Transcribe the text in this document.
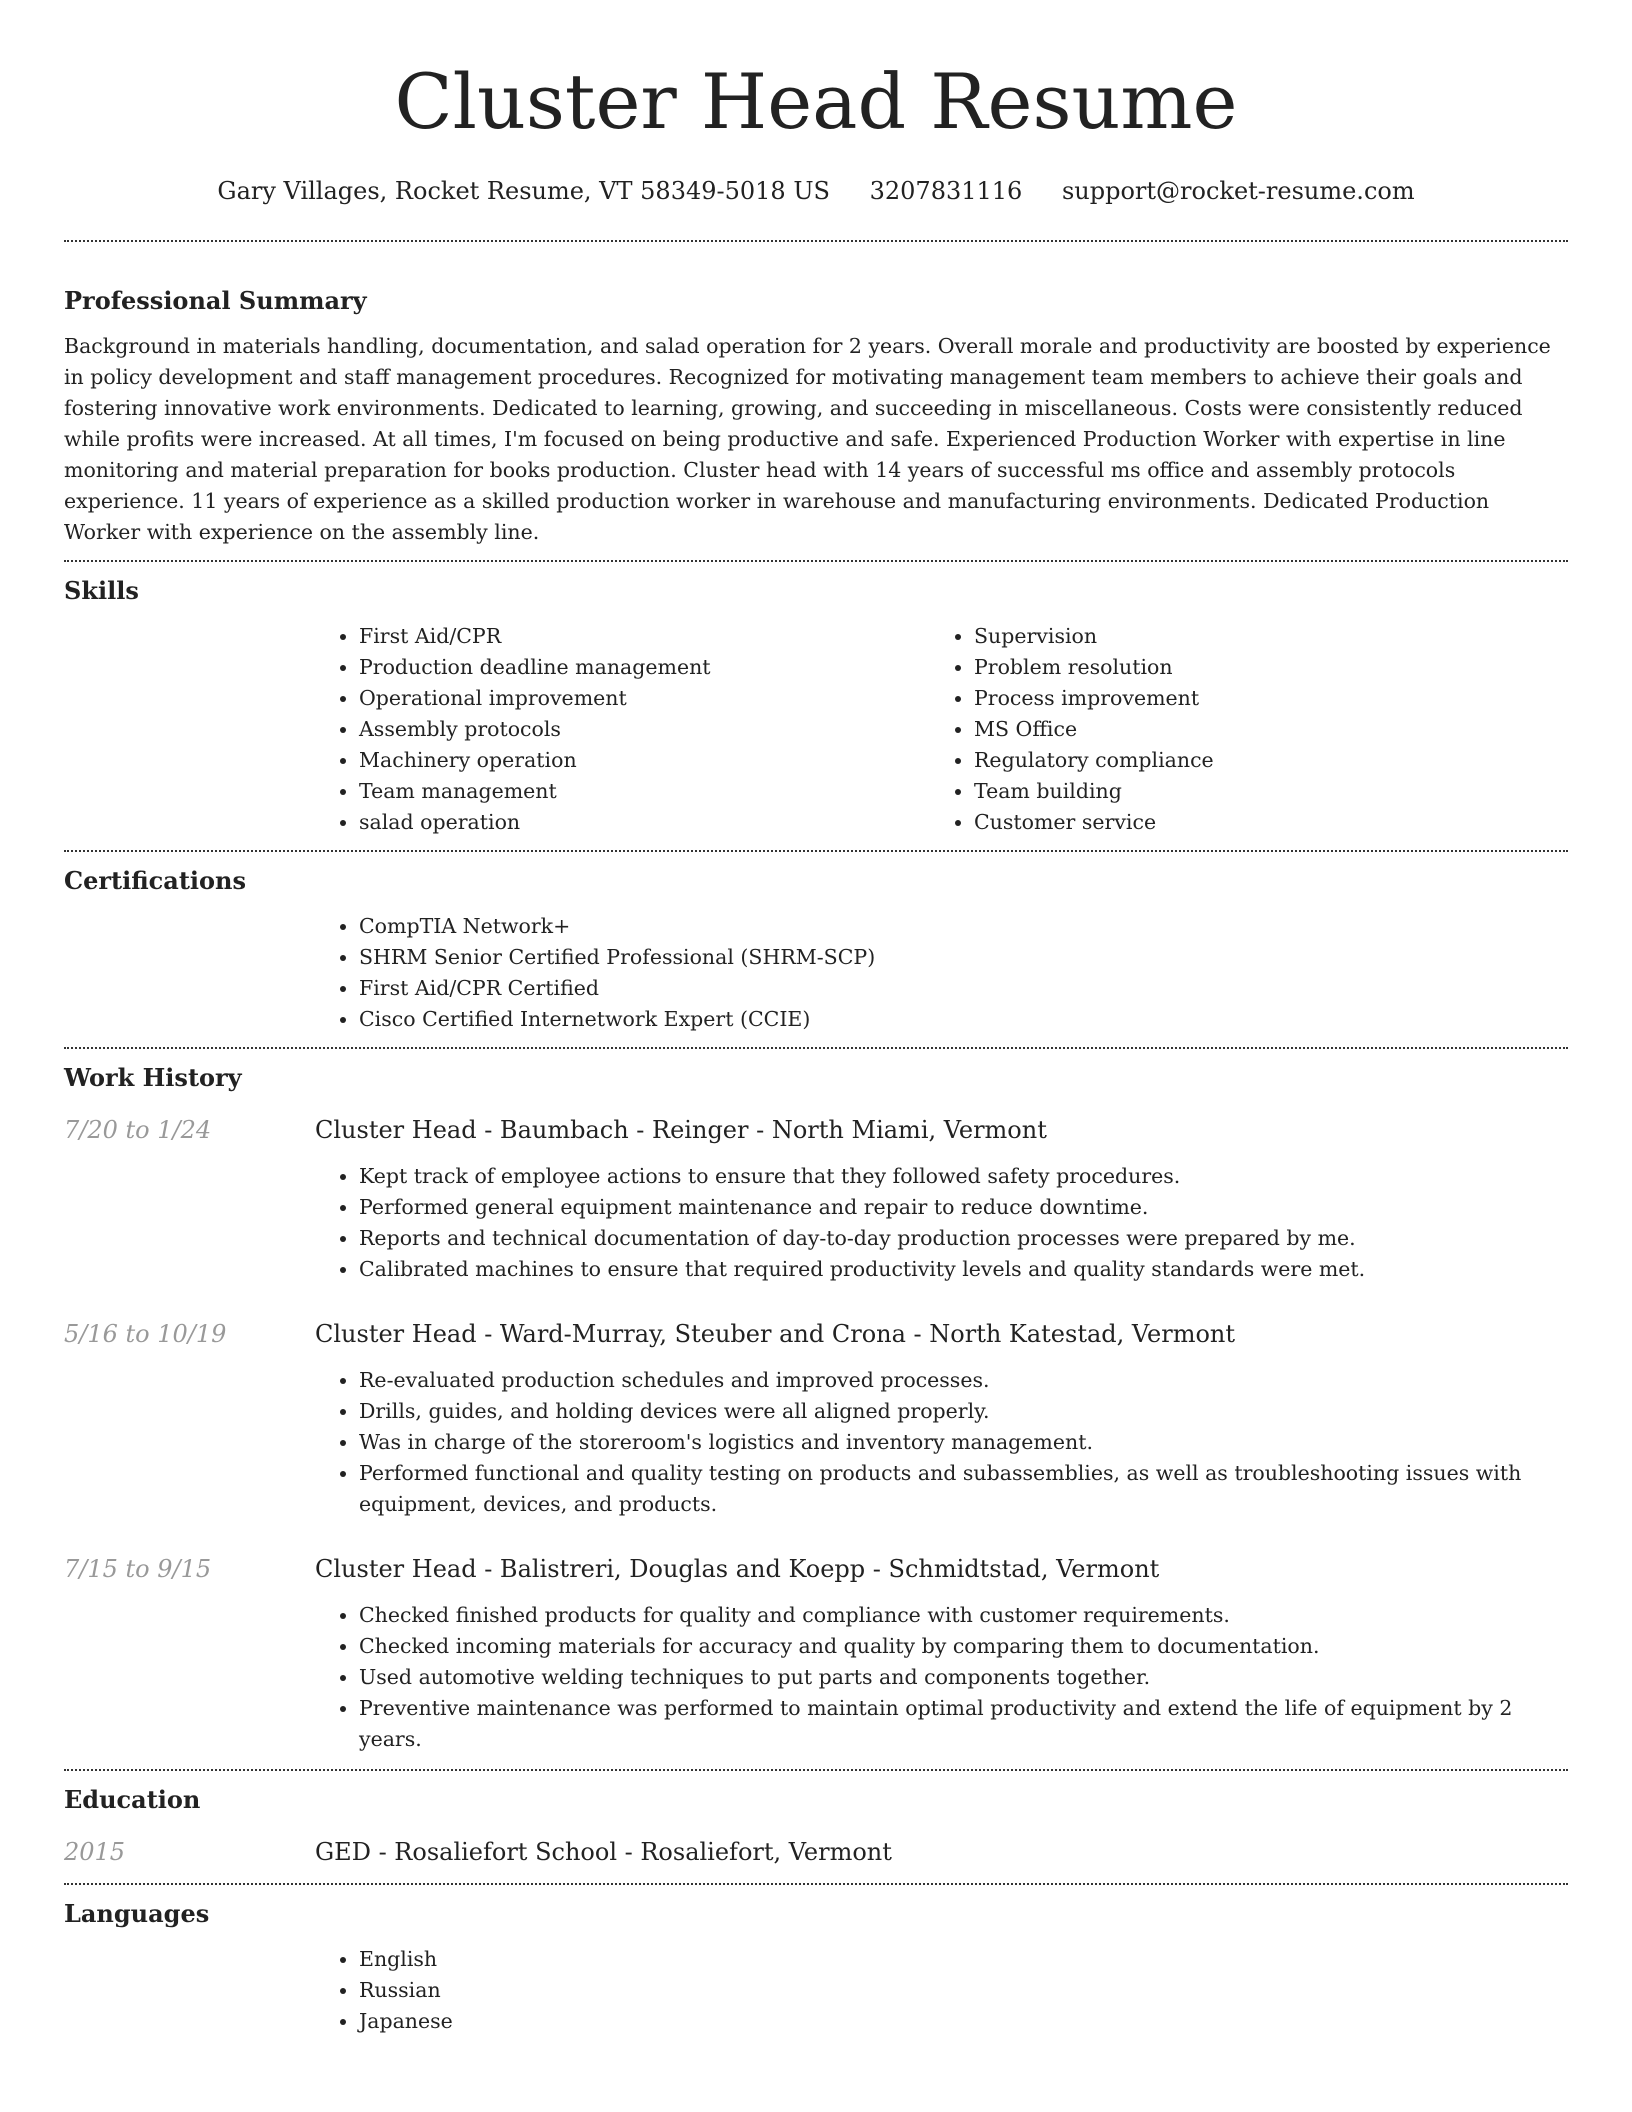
Cluster Head Resume
Gary Villages, Rocket Resume, VT 58349-5018 US 3207831116 support@rocket-resume.com
Professional Summary

Background in materials handling, documentation, and salad operation for 2 years. Overall morale and productivity are boosted by experience in policy development and staff management procedures. Recognized for motivating management team members to achieve their goals and fostering innovative work environments. Dedicated to learning, growing, and succeeding in miscellaneous. Costs were consistently reduced while profits were increased. At all times, I'm focused on being productive and safe. Experienced Production Worker with expertise in line monitoring and material preparation for books production. Cluster head with 14 years of successful ms office and assembly protocols experience. 11 years of experience as a skilled production worker in warehouse and manufacturing environments. Dedicated Production Worker with experience on the assembly line.

Skills
• First Aid/CPR
• Production deadline management
• Operational improvement
• Assembly protocols
• Machinery operation
• Team management
• salad operation
• Supervision
• Problem resolution
• Process improvement
• MS Office
• Regulatory compliance
• Team building
• Customer service
Certifications
• CompTIA Network+
• SHRM Senior Certified Professional (SHRM-SCP)
• First Aid/CPR Certified
• Cisco Certified Internetwork Expert (CCIE)
Work History
7/20 to 1/24	Cluster Head - Baumbach - Reinger - North Miami, Vermont
• Kept track of employee actions to ensure that they followed safety procedures.
• Performed general equipment maintenance and repair to reduce downtime.
• Reports and technical documentation of day-to-day production processes were prepared by me.
• Calibrated machines to ensure that required productivity levels and quality standards were met.
5/16 to 10/19	Cluster Head - Ward-Murray, Steuber and Crona - North Katestad, Vermont
• Re-evaluated production schedules and improved processes.
• Drills, guides, and holding devices were all aligned properly.
• Was in charge of the storeroom's logistics and inventory management.
• Performed functional and quality testing on products and subassemblies, as well as troubleshooting issues with equipment, devices, and products.
7/15 to 9/15	Cluster Head - Balistreri, Douglas and Koepp - Schmidtstad, Vermont
• Checked finished products for quality and compliance with customer requirements.
• Checked incoming materials for accuracy and quality by comparing them to documentation.
• Used automotive welding techniques to put parts and components together.
• Preventive maintenance was performed to maintain optimal productivity and extend the life of equipment by 2 years.
Education
2015	GED - Rosaliefort School - Rosaliefort, Vermont
Languages
• English
• Russian
• Japanese
